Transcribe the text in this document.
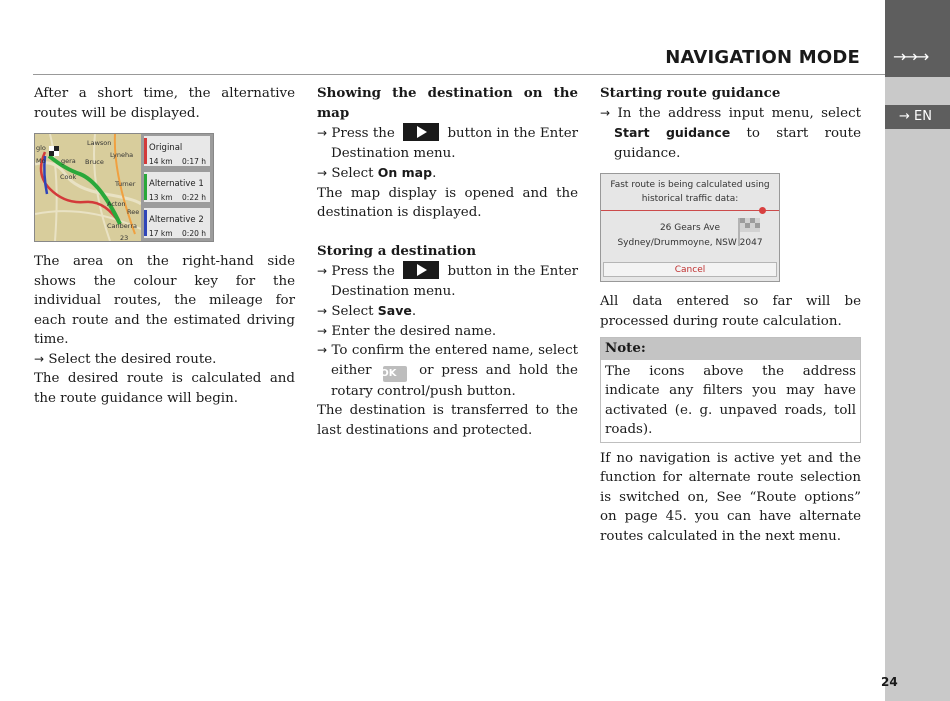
→→→
→ EN
NAVIGATION MODE

After a short time, the alternative routes will be displayed.

Lawson
glo
Mo gera Bruce
Lyneha
Cook
Turner
Acton
Ree
Canberra
23
Original
14 km 0:17 h
Alternative 1
13 km 0:22 h
Alternative 2
17 km 0:20 h

The area on the right-hand side shows the colour key for the individual routes, the mileage for each route and the estimated driving time.

→ Select the desired route.

The desired route is calculated and the route guidance will begin.

Showing the destination on the map

→ Press the	button in the Enter Destination menu.

→ Select On map.

The map display is opened and the destination is displayed.

Storing a destination

→ Press the	button in the Enter Destination menu.

→ Select Save.

→ Enter the desired name.

→ To confirm the entered name, select either OK or press and hold the rotary control/push button.

The destination is transferred to the last destinations and protected.

Starting route guidance

→ In the address input menu, select Start guidance to start route guidance.

Fast route is being calculated using
historical traffic data:
26 Gears Ave
Sydney/Drummoyne, NSW 2047
Cancel

All data entered so far will be processed during route calculation.

Note:
The icons above the address indicate any filters you may have activated (e. g. unpaved roads, toll roads).

If no navigation is active yet and the function for alternate route selection is switched on, See “Route options” on page 45. you can have alternate routes calculated in the next menu.

24
